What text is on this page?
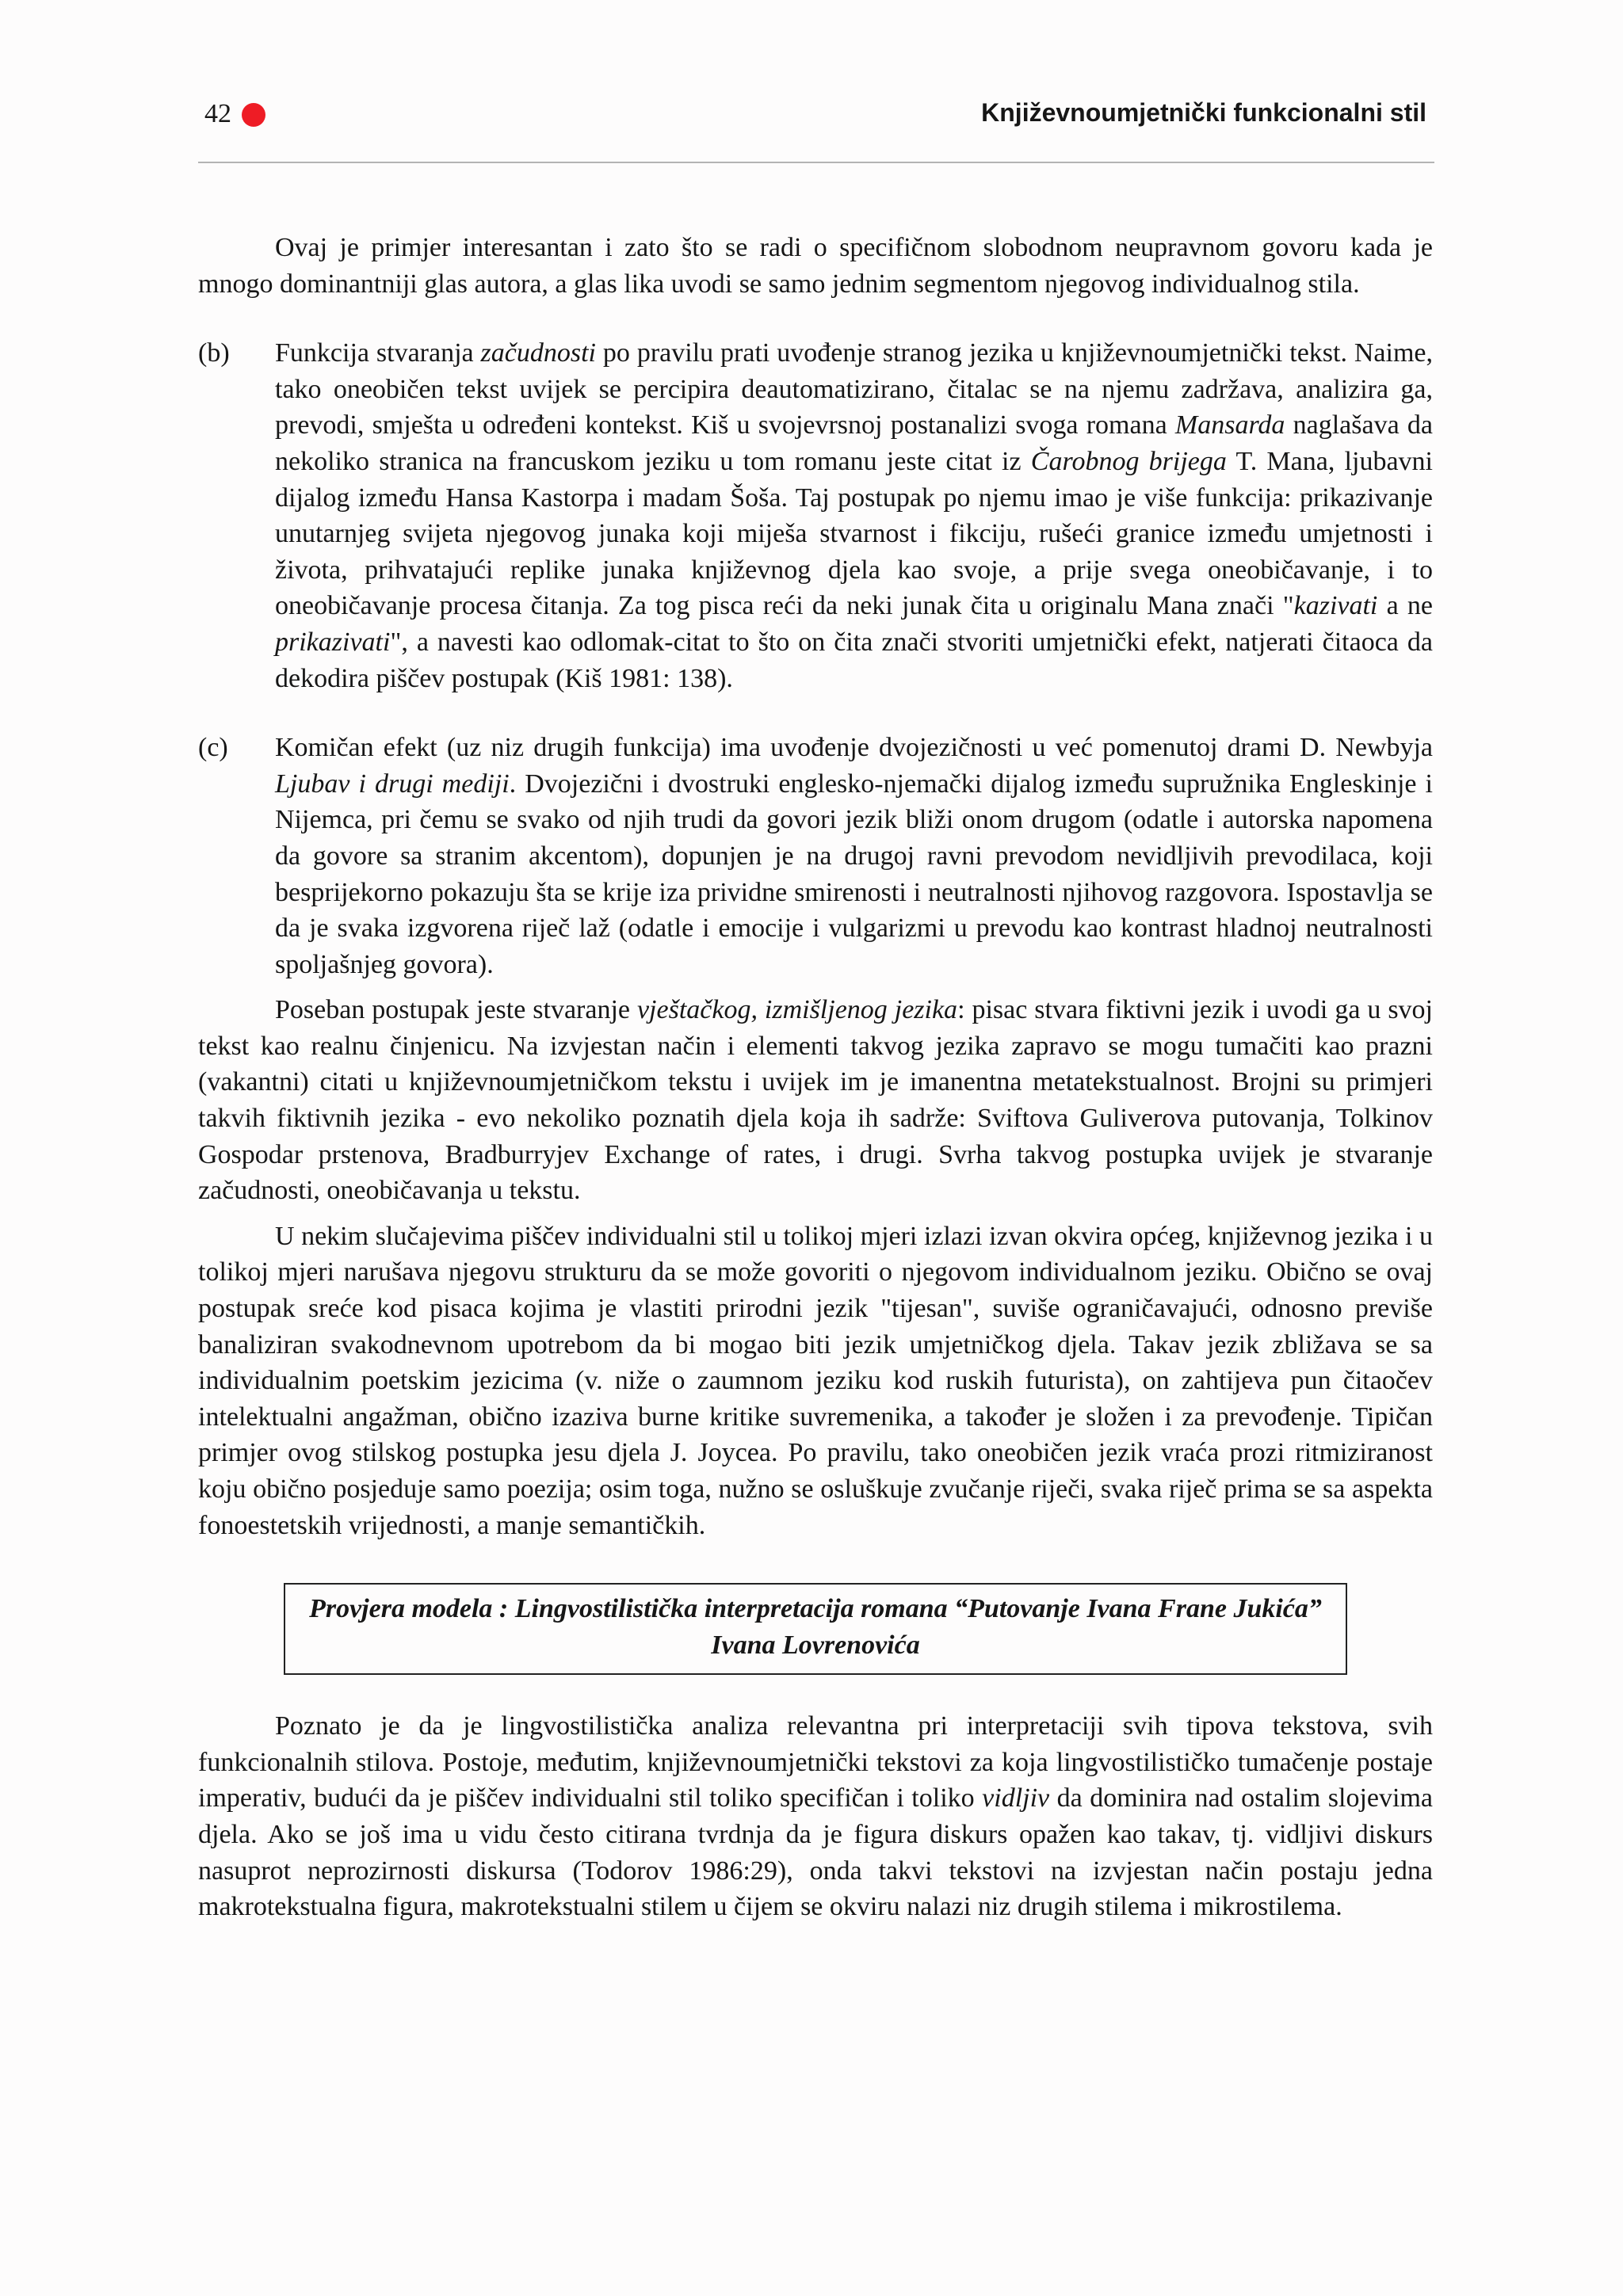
42	Književnoumjetnički funkcionalni stil

Ovaj je primjer interesantan i zato što se radi o specifičnom slobodnom neupravnom govoru kada je mnogo dominantniji glas autora, a glas lika uvodi se samo jednim segmentom njegovog individualnog stila.

(b)	Funkcija stvaranja začudnosti po pravilu prati uvođenje stranog jezika u književnoumjetnički tekst. Naime, tako oneobičen tekst uvijek se percipira deautomatizirano, čitalac se na njemu zadržava, analizira ga, prevodi, smješta u određeni kontekst. Kiš u svojevrsnoj postanalizi svoga romana Mansarda naglašava da nekoliko stranica na francuskom jeziku u tom romanu jeste citat iz Čarobnog brijega T. Mana, ljubavni dijalog između Hansa Kastorpa i madam Šoša. Taj postupak po njemu imao je više funkcija: prikazivanje unutarnjeg svijeta njegovog junaka koji miješa stvarnost i fikciju, rušeći granice između umjetnosti i života, prihvatajući replike junaka književnog djela kao svoje, a prije svega oneobičavanje, i to oneobičavanje procesa čitanja. Za tog pisca reći da neki junak čita u originalu Mana znači "kazivati a ne prikazivati", a navesti kao odlomak-citat to što on čita znači stvoriti umjetnički efekt, natjerati čitaoca da dekodira piščev postupak (Kiš 1981: 138).
(c)	Komičan efekt (uz niz drugih funkcija) ima uvođenje dvojezičnosti u već pomenutoj drami D. Newbyja Ljubav i drugi mediji. Dvojezični i dvostruki englesko-njemački dijalog između supružnika Engleskinje i Nijemca, pri čemu se svako od njih trudi da govori jezik bliži onom drugom (odatle i autorska napomena da govore sa stranim akcentom), dopunjen je na drugoj ravni prevodom nevidljivih prevodilaca, koji besprijekorno pokazuju šta se krije iza prividne smirenosti i neutralnosti njihovog razgovora. Ispostavlja se da je svaka izgvorena riječ laž (odatle i emocije i vulgarizmi u prevodu kao kontrast hladnoj neutralnosti spoljašnjeg govora).

Poseban postupak jeste stvaranje vještačkog, izmišljenog jezika: pisac stvara fiktivni jezik i uvodi ga u svoj tekst kao realnu činjenicu. Na izvjestan način i elementi takvog jezika zapravo se mogu tumačiti kao prazni (vakantni) citati u književnoumjetničkom tekstu i uvijek im je imanentna metatekstualnost. Brojni su primjeri takvih fiktivnih jezika - evo nekoliko poznatih djela koja ih sadrže: Sviftova Guliverova putovanja, Tolkinov Gospodar prstenova, Bradburryjev Exchange of rates, i drugi. Svrha takvog postupka uvijek je stvaranje začudnosti, oneobičavanja u tekstu.

U nekim slučajevima piščev individualni stil u tolikoj mjeri izlazi izvan okvira općeg, književnog jezika i u tolikoj mjeri narušava njegovu strukturu da se može govoriti o njegovom individualnom jeziku. Obično se ovaj postupak sreće kod pisaca kojima je vlastiti prirodni jezik "tijesan", suviše ograničavajući, odnosno previše banaliziran svakodnevnom upotrebom da bi mogao biti jezik umjetničkog djela. Takav jezik zbližava se sa individualnim poetskim jezicima (v. niže o zaumnom jeziku kod ruskih futurista), on zahtijeva pun čitaočev intelektualni angažman, obično izaziva burne kritike suvremenika, a također je složen i za prevođenje. Tipičan primjer ovog stilskog postupka jesu djela J. Joycea. Po pravilu, tako oneobičen jezik vraća prozi ritmiziranost koju obično posjeduje samo poezija; osim toga, nužno se osluškuje zvučanje riječi, svaka riječ prima se sa aspekta fonoestetskih vrijednosti, a manje semantičkih.

Provjera modela : Lingvostilistička interpretacija romana “Putovanje Ivana Frane Jukića” Ivana Lovrenovića

Poznato je da je lingvostilistička analiza relevantna pri interpretaciji svih tipova tekstova, svih funkcionalnih stilova. Postoje, međutim, književnoumjetnički tekstovi za koja lingvostilističko tumačenje postaje imperativ, budući da je piščev individualni stil toliko specifičan i toliko vidljiv da dominira nad ostalim slojevima djela. Ako se još ima u vidu često citirana tvrdnja da je figura diskurs opažen kao takav, tj. vidljivi diskurs nasuprot neprozirnosti diskursa (Todorov 1986:29), onda takvi tekstovi na izvjestan način postaju jedna makrotekstualna figura, makrotekstualni stilem u čijem se okviru nalazi niz drugih stilema i mikrostilema.
